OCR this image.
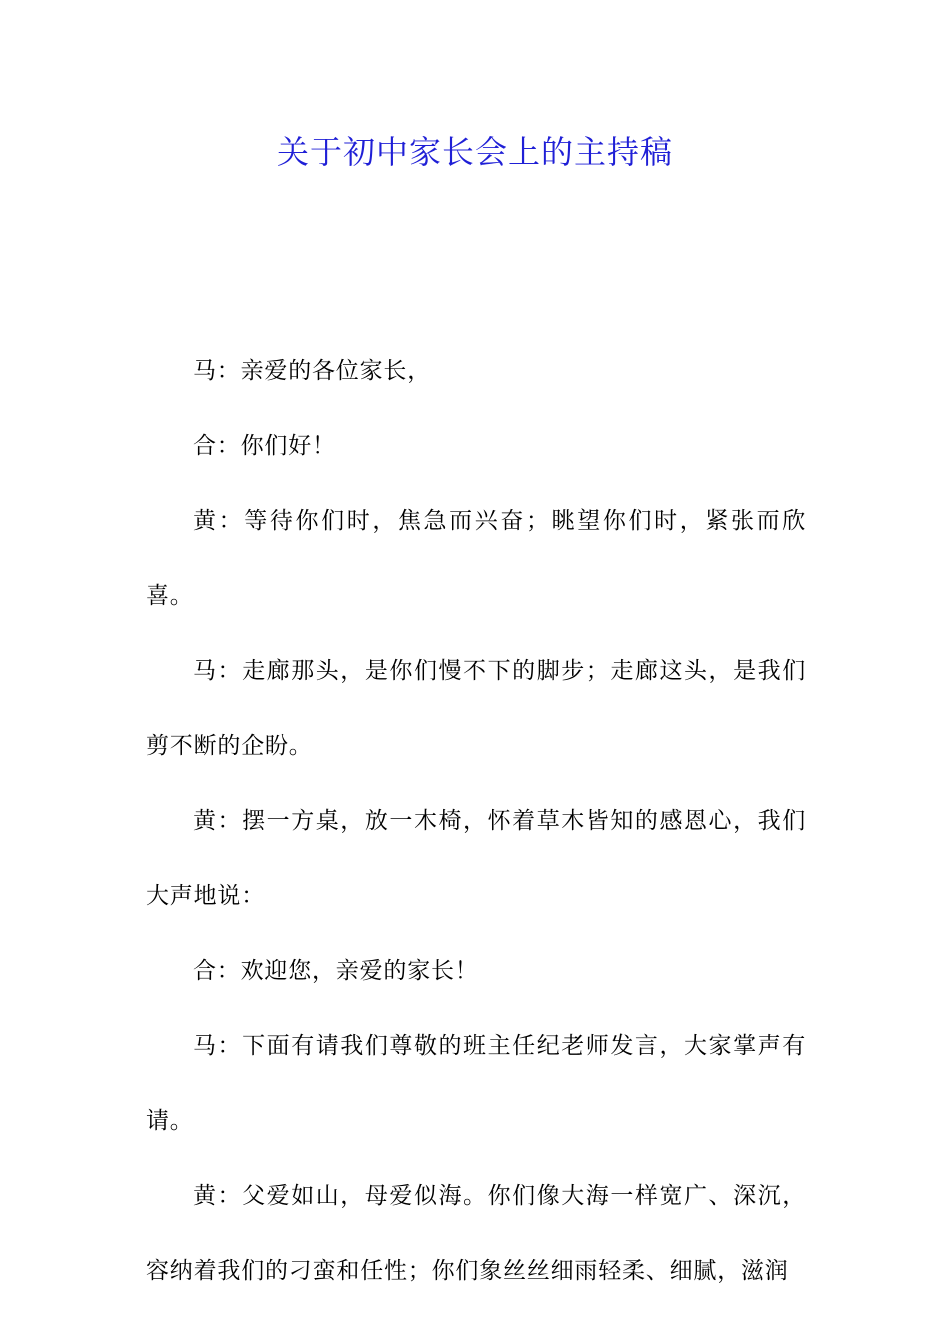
关于初中家长会上的主持稿

马：亲爱的各位家长，

合：你们好！

黄：等待你们时，焦急而兴奋；眺望你们时，紧张而欣喜。

马：走廊那头，是你们慢不下的脚步；走廊这头，是我们剪不断的企盼。

黄：摆一方桌，放一木椅，怀着草木皆知的感恩心，我们大声地说：

合：欢迎您，亲爱的家长！

马：下面有请我们尊敬的班主任纪老师发言，大家掌声有请。

黄：父爱如山，母爱似海。你们像大海一样宽广、深沉，容纳着我们的刁蛮和任性；你们象丝丝细雨轻柔、细腻，滋润
